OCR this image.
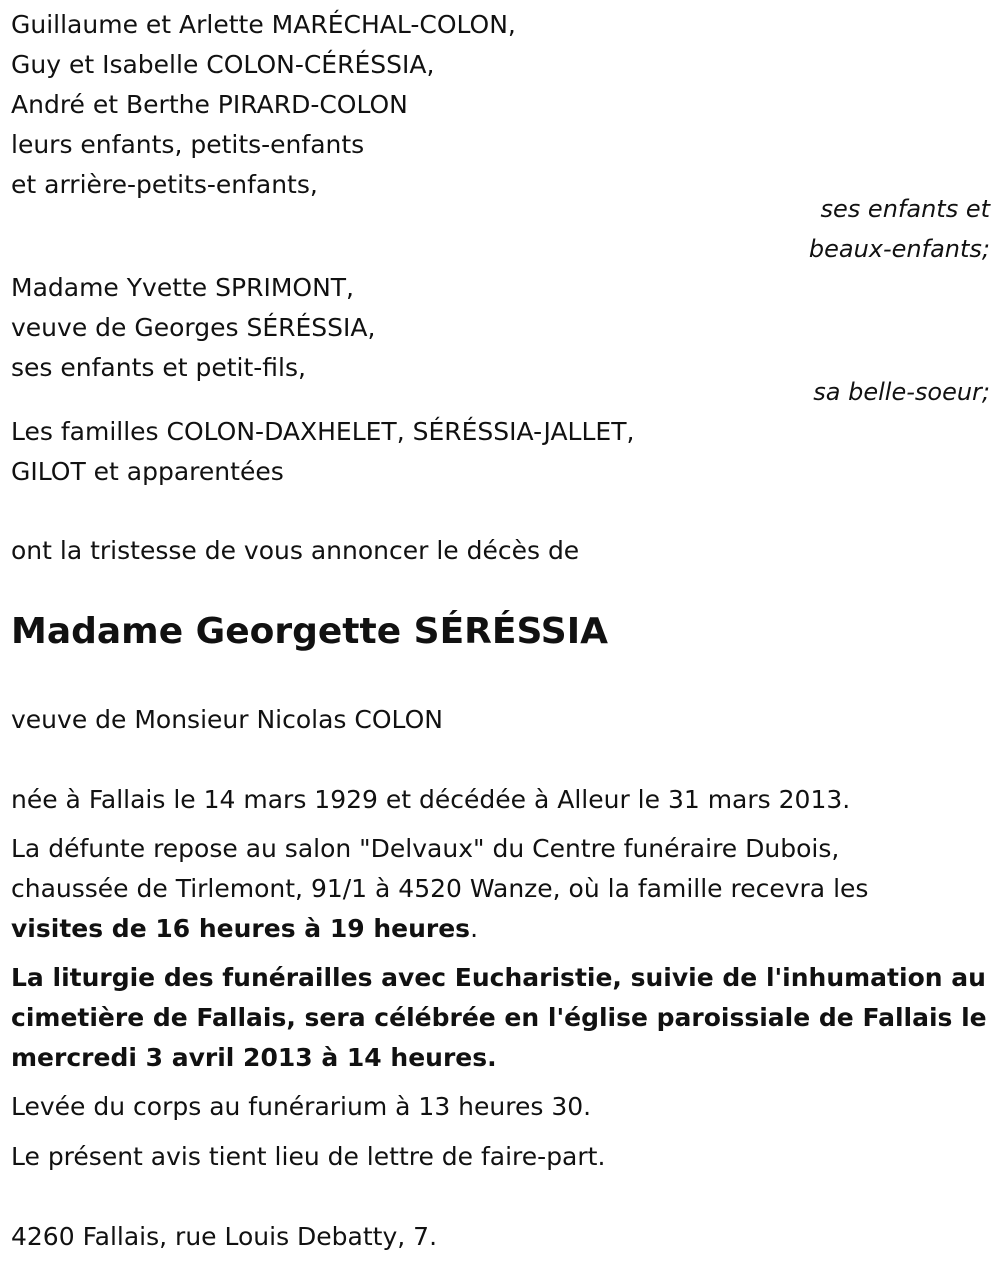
Guillaume et Arlette MARÉCHAL-COLON,
Guy et Isabelle COLON-CÉRÉSSIA,
André et Berthe PIRARD-COLON
leurs enfants, petits-enfants
et arrière-petits-enfants,
ses enfants et
beaux-enfants;
Madame Yvette SPRIMONT,
veuve de Georges SÉRÉSSIA,
ses enfants et petit-fils,
sa belle-soeur;
Les familles COLON-DAXHELET, SÉRÉSSIA-JALLET,
GILOT et apparentées
ont la tristesse de vous annoncer le décès de
Madame Georgette SÉRÉSSIA
veuve de Monsieur Nicolas COLON
née à Fallais le 14 mars 1929 et décédée à Alleur le 31 mars 2013.
La défunte repose au salon "Delvaux" du Centre funéraire Dubois,
chaussée de Tirlemont, 91/1 à 4520 Wanze, où la famille recevra les
visites de 16 heures à 19 heures.
La liturgie des funérailles avec Eucharistie, suivie de l'inhumation au
cimetière de Fallais, sera célébrée en l'église paroissiale de Fallais le
mercredi 3 avril 2013 à 14 heures.
Levée du corps au funérarium à 13 heures 30.
Le présent avis tient lieu de lettre de faire-part.
4260 Fallais, rue Louis Debatty, 7.
